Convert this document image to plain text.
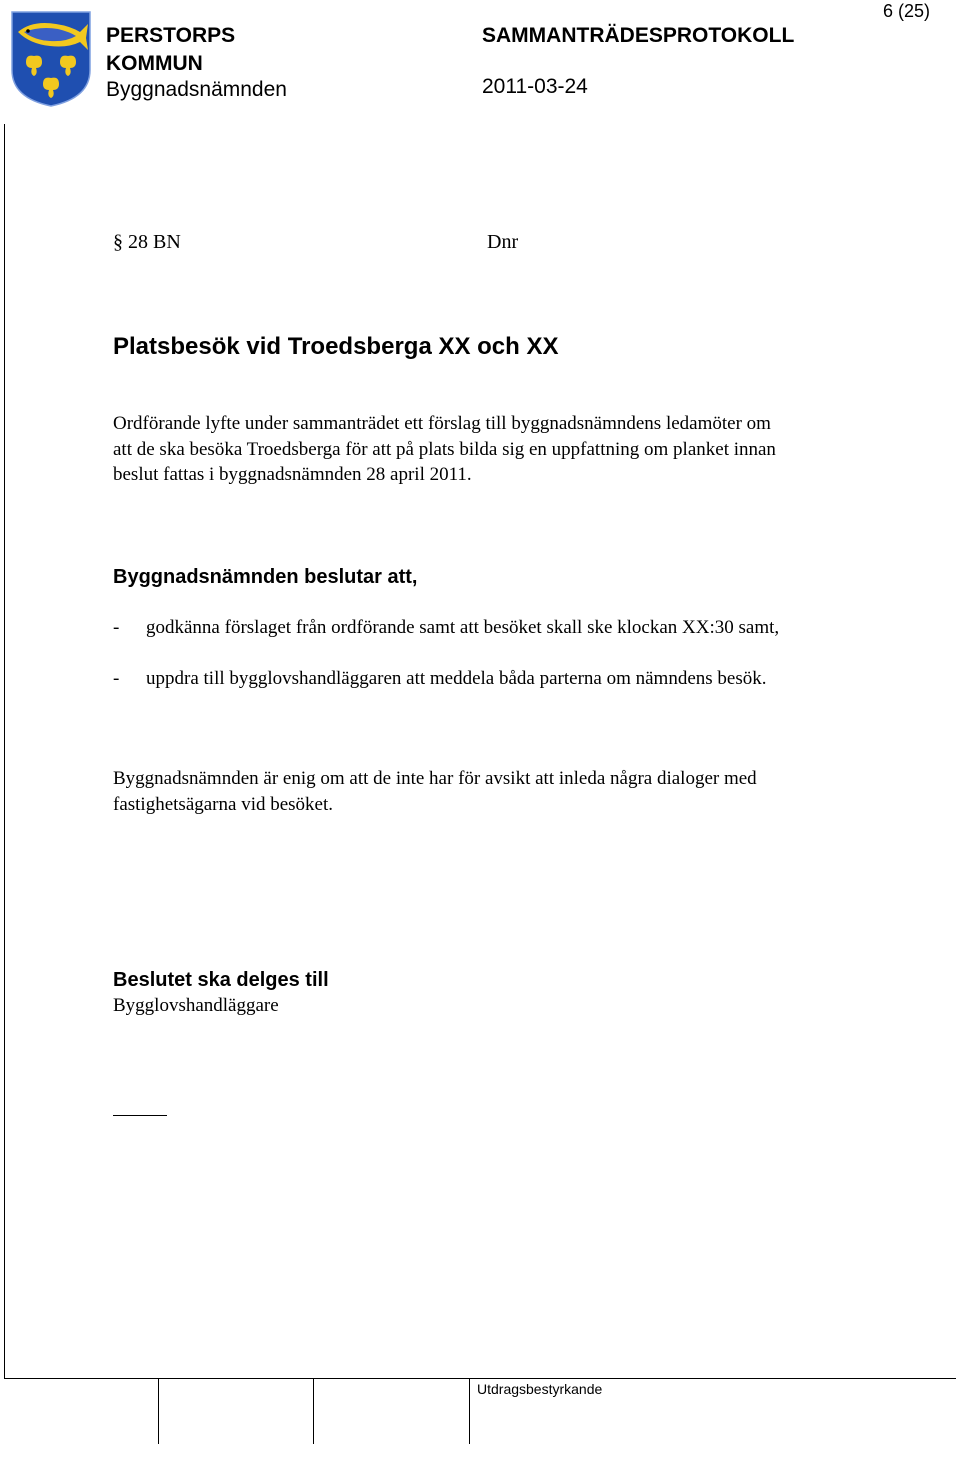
PERSTORPS
KOMMUN
Byggnadsnämnden
SAMMANTRÄDESPROTOKOLL
2011-03-24
6 (25)
§ 28 BN	Dnr
Platsbesök vid Troedsberga XX och XX

Ordförande lyfte under sammanträdet ett förslag till byggnadsnämndens ledamöter om

att de ska besöka Troedsberga för att på plats bilda sig en uppfattning om planket innan

beslut fattas i byggnadsnämnden 28 april 2011.

Byggnadsnämnden beslutar att,
- godkänna förslaget från ordförande samt att besöket skall ske klockan XX:30 samt,
- uppdra till bygglovshandläggaren att meddela båda parterna om nämndens besök.

Byggnadsnämnden är enig om att de inte har för avsikt att inleda några dialoger med

fastighetsägarna vid besöket.

Beslutet ska delges till
Bygglovshandläggare
Utdragsbestyrkande
